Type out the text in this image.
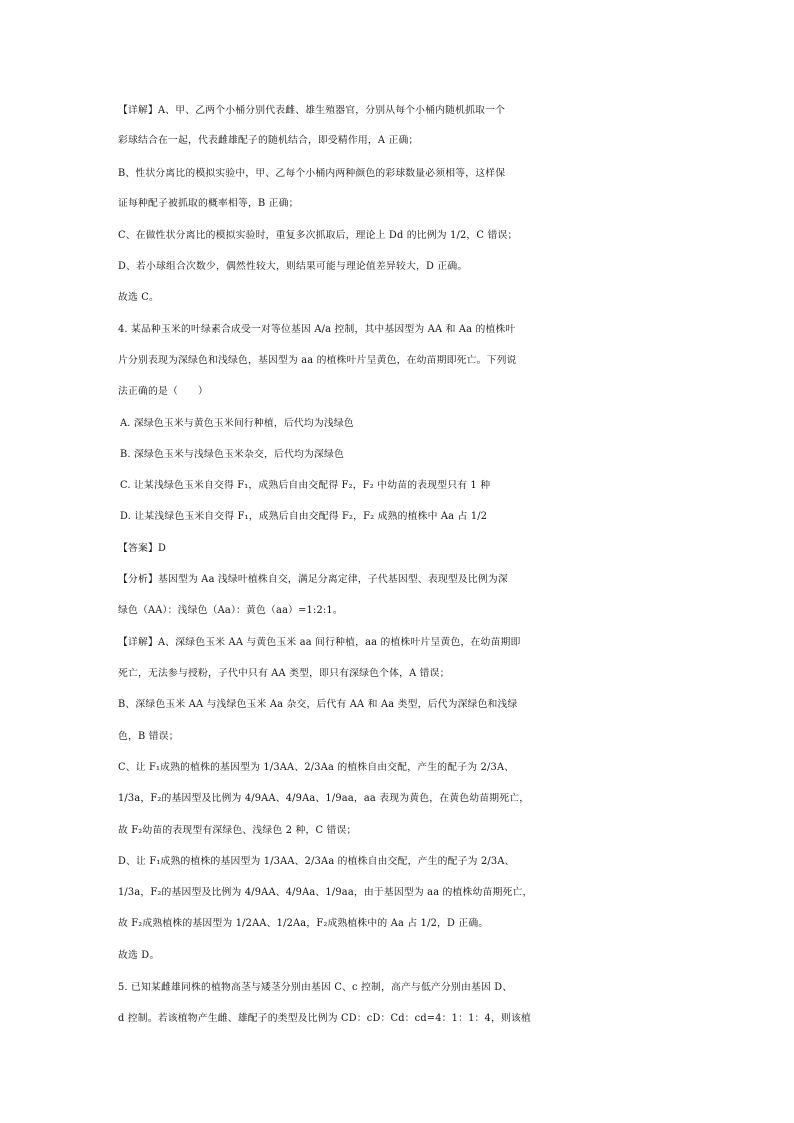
【详解】A、甲、乙两个小桶分别代表雌、雄生殖器官，分别从每个小桶内随机抓取一个
彩球结合在一起，代表雌雄配子的随机结合，即受精作用，A 正确；
B、性状分离比的模拟实验中，甲、乙每个小桶内两种颜色的彩球数量必须相等，这样保
证每种配子被抓取的概率相等，B 正确；
C、在做性状分离比的模拟实验时，重复多次抓取后，理论上 Dd 的比例为 1/2，C 错误；
D、若小球组合次数少，偶然性较大，则结果可能与理论值差异较大，D 正确。
故选 C。
4. 某品种玉米的叶绿素合成受一对等位基因 A/a 控制，其中基因型为 AA 和 Aa 的植株叶
片分别表现为深绿色和浅绿色，基因型为 aa 的植株叶片呈黄色，在幼苗期即死亡。下列说
法正确的是（　　）
A. 深绿色玉米与黄色玉米间行种植，后代均为浅绿色
B. 深绿色玉米与浅绿色玉米杂交，后代均为深绿色
C. 让某浅绿色玉米自交得 F₁，成熟后自由交配得 F₂，F₂ 中幼苗的表现型只有 1 种
D. 让某浅绿色玉米自交得 F₁，成熟后自由交配得 F₂，F₂ 成熟的植株中 Aa 占 1/2
【答案】D
【分析】基因型为 Aa 浅绿叶植株自交，满足分离定律，子代基因型、表现型及比例为深
绿色（AA）：浅绿色（Aa）：黄色（aa）=1:2:1。
【详解】A、深绿色玉米 AA 与黄色玉米 aa 间行种植，aa 的植株叶片呈黄色，在幼苗期即
死亡，无法参与授粉，子代中只有 AA 类型，即只有深绿色个体，A 错误；
B、深绿色玉米 AA 与浅绿色玉米 Aa 杂交，后代有 AA 和 Aa 类型，后代为深绿色和浅绿
色，B 错误；
C、让 F₁成熟的植株的基因型为 1/3AA、2/3Aa 的植株自由交配，产生的配子为 2/3A、
1/3a，F₂的基因型及比例为 4/9AA、4/9Aa、1/9aa，aa 表现为黄色，在黄色幼苗期死亡，
故 F₂幼苗的表现型有深绿色、浅绿色 2 种，C 错误；
D、让 F₁成熟的植株的基因型为 1/3AA、2/3Aa 的植株自由交配，产生的配子为 2/3A、
1/3a，F₂的基因型及比例为 4/9AA、4/9Aa、1/9aa，由于基因型为 aa 的植株幼苗期死亡，
故 F₂成熟植株的基因型为 1/2AA、1/2Aa，F₂成熟植株中的 Aa 占 1/2，D 正确。
故选 D。
5. 已知某雌雄同株的植物高茎与矮茎分别由基因 C、c 控制，高产与低产分别由基因 D、
d 控制。若该植物产生雌、雄配子的类型及比例为 CD：cD：Cd：cd=4：1：1：4，则该植
